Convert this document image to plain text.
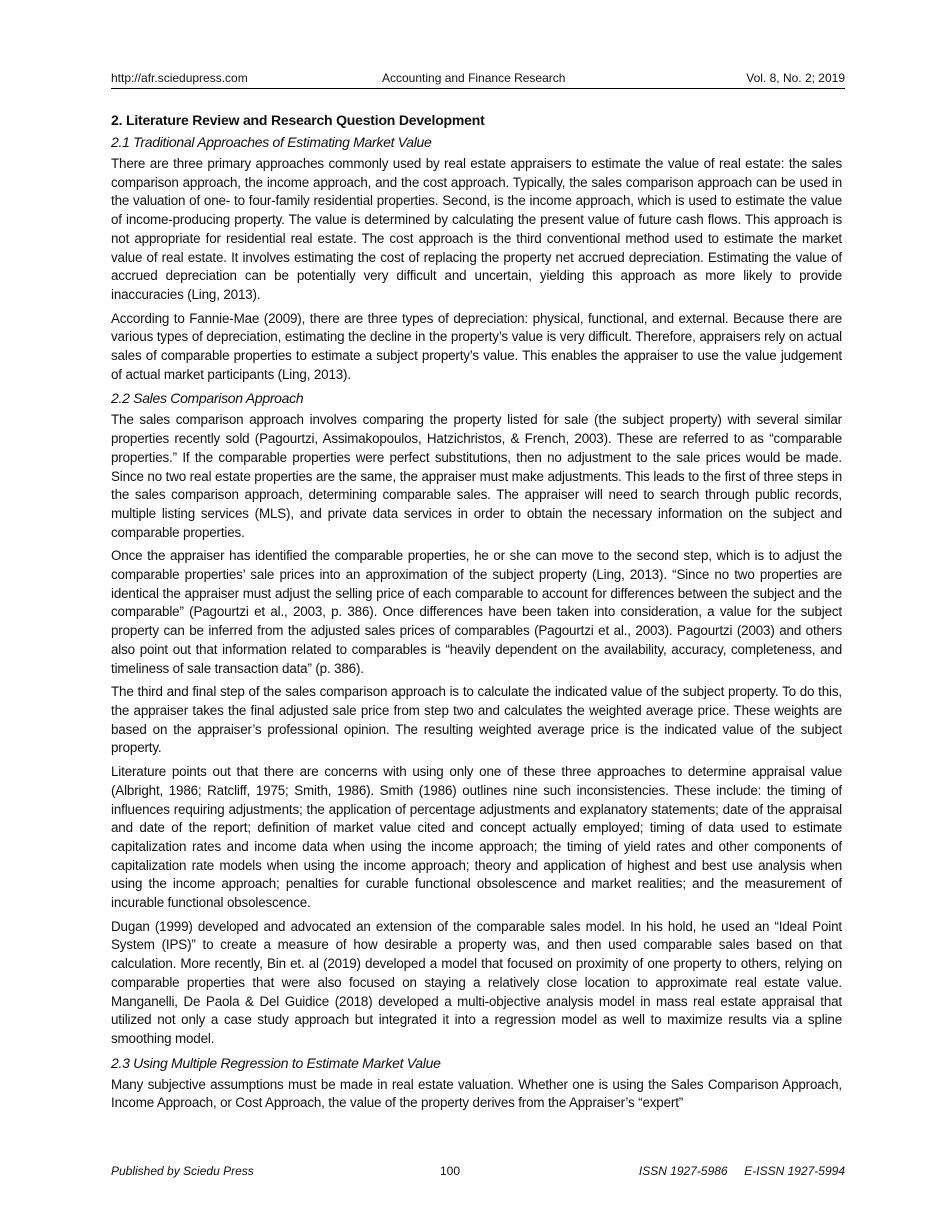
http://afr.sciedupress.com	Accounting and Finance Research	Vol. 8, No. 2; 2019
2. Literature Review and Research Question Development
2.1 Traditional Approaches of Estimating Market Value

There are three primary approaches commonly used by real estate appraisers to estimate the value of real estate: the sales comparison approach, the income approach, and the cost approach. Typically, the sales comparison approach can be used in the valuation of one- to four-family residential properties. Second, is the income approach, which is used to estimate the value of income-producing property. The value is determined by calculating the present value of future cash flows. This approach is not appropriate for residential real estate. The cost approach is the third conventional method used to estimate the market value of real estate. It involves estimating the cost of replacing the property net accrued depreciation. Estimating the value of accrued depreciation can be potentially very difficult and uncertain, yielding this approach as more likely to provide inaccuracies (Ling, 2013).

According to Fannie-Mae (2009), there are three types of depreciation: physical, functional, and external. Because there are various types of depreciation, estimating the decline in the property’s value is very difficult. Therefore, appraisers rely on actual sales of comparable properties to estimate a subject property’s value. This enables the appraiser to use the value judgement of actual market participants (Ling, 2013).

2.2 Sales Comparison Approach

The sales comparison approach involves comparing the property listed for sale (the subject property) with several similar properties recently sold (Pagourtzi, Assimakopoulos, Hatzichristos, & French, 2003). These are referred to as “comparable properties.” If the comparable properties were perfect substitutions, then no adjustment to the sale prices would be made. Since no two real estate properties are the same, the appraiser must make adjustments. This leads to the first of three steps in the sales comparison approach, determining comparable sales. The appraiser will need to search through public records, multiple listing services (MLS), and private data services in order to obtain the necessary information on the subject and comparable properties.

Once the appraiser has identified the comparable properties, he or she can move to the second step, which is to adjust the comparable properties’ sale prices into an approximation of the subject property (Ling, 2013). “Since no two properties are identical the appraiser must adjust the selling price of each comparable to account for differences between the subject and the comparable” (Pagourtzi et al., 2003, p. 386). Once differences have been taken into consideration, a value for the subject property can be inferred from the adjusted sales prices of comparables (Pagourtzi et al., 2003). Pagourtzi (2003) and others also point out that information related to comparables is “heavily dependent on the availability, accuracy, completeness, and timeliness of sale transaction data” (p. 386).

The third and final step of the sales comparison approach is to calculate the indicated value of the subject property. To do this, the appraiser takes the final adjusted sale price from step two and calculates the weighted average price. These weights are based on the appraiser’s professional opinion. The resulting weighted average price is the indicated value of the subject property.

Literature points out that there are concerns with using only one of these three approaches to determine appraisal value (Albright, 1986; Ratcliff, 1975; Smith, 1986). Smith (1986) outlines nine such inconsistencies. These include: the timing of influences requiring adjustments; the application of percentage adjustments and explanatory statements; date of the appraisal and date of the report; definition of market value cited and concept actually employed; timing of data used to estimate capitalization rates and income data when using the income approach; the timing of yield rates and other components of capitalization rate models when using the income approach; theory and application of highest and best use analysis when using the income approach; penalties for curable functional obsolescence and market realities; and the measurement of incurable functional obsolescence.

Dugan (1999) developed and advocated an extension of the comparable sales model. In his hold, he used an “Ideal Point System (IPS)” to create a measure of how desirable a property was, and then used comparable sales based on that calculation. More recently, Bin et. al (2019) developed a model that focused on proximity of one property to others, relying on comparable properties that were also focused on staying a relatively close location to approximate real estate value. Manganelli, De Paola & Del Guidice (2018) developed a multi-objective analysis model in mass real estate appraisal that utilized not only a case study approach but integrated it into a regression model as well to maximize results via a spline smoothing model.

2.3 Using Multiple Regression to Estimate Market Value

Many subjective assumptions must be made in real estate valuation. Whether one is using the Sales Comparison Approach, Income Approach, or Cost Approach, the value of the property derives from the Appraiser’s “expert”

Published by Sciedu Press	100	ISSN 1927-5986 E-ISSN 1927-5994
